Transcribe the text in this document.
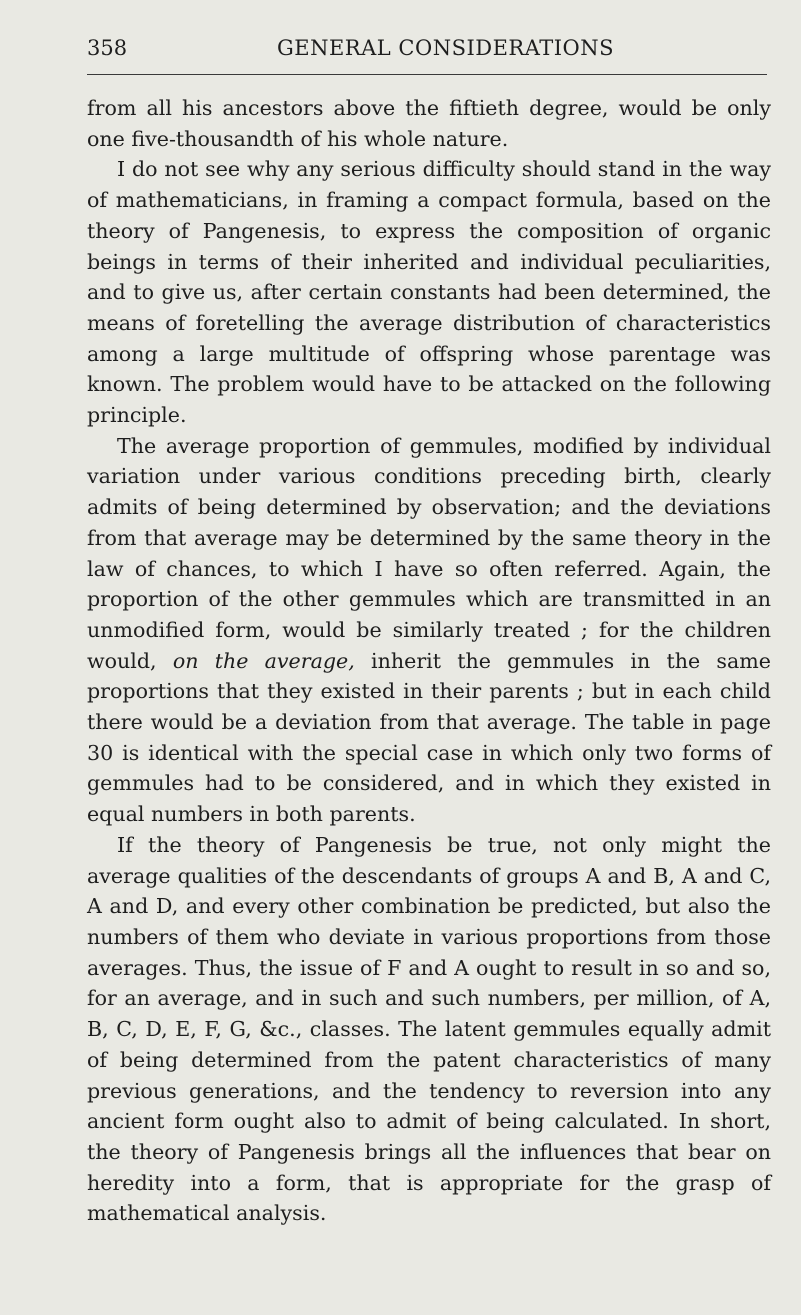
358	GENERAL CONSIDERATIONS

from all his ancestors above the fiftieth degree, would be only one five-thousandth of his whole nature.

I do not see why any serious difficulty should stand in the way of mathematicians, in framing a compact formula, based on the theory of Pangenesis, to express the composition of organic beings in terms of their inherited and individual peculiarities, and to give us, after certain constants had been determined, the means of foretelling the average distribution of characteristics among a large multitude of offspring whose parentage was known. The problem would have to be attacked on the following principle.

The average proportion of gemmules, modified by individual variation under various conditions preceding birth, clearly admits of being determined by observation; and the deviations from that average may be determined by the same theory in the law of chances, to which I have so often referred. Again, the proportion of the other gemmules which are transmitted in an unmodified form, would be similarly treated ; for the children would, on the average, inherit the gemmules in the same proportions that they existed in their parents ; but in each child there would be a deviation from that average. The table in page 30 is identical with the special case in which only two forms of gemmules had to be considered, and in which they existed in equal numbers in both parents.

If the theory of Pangenesis be true, not only might the average qualities of the descendants of groups A and B, A and C, A and D, and every other combination be predicted, but also the numbers of them who deviate in various proportions from those averages. Thus, the issue of F and A ought to result in so and so, for an average, and in such and such numbers, per million, of A, B, C, D, E, F, G, &c., classes. The latent gemmules equally admit of being determined from the patent characteristics of many previous generations, and the tendency to reversion into any ancient form ought also to admit of being calculated. In short, the theory of Pangenesis brings all the influences that bear on heredity into a form, that is appropriate for the grasp of mathematical analysis.
